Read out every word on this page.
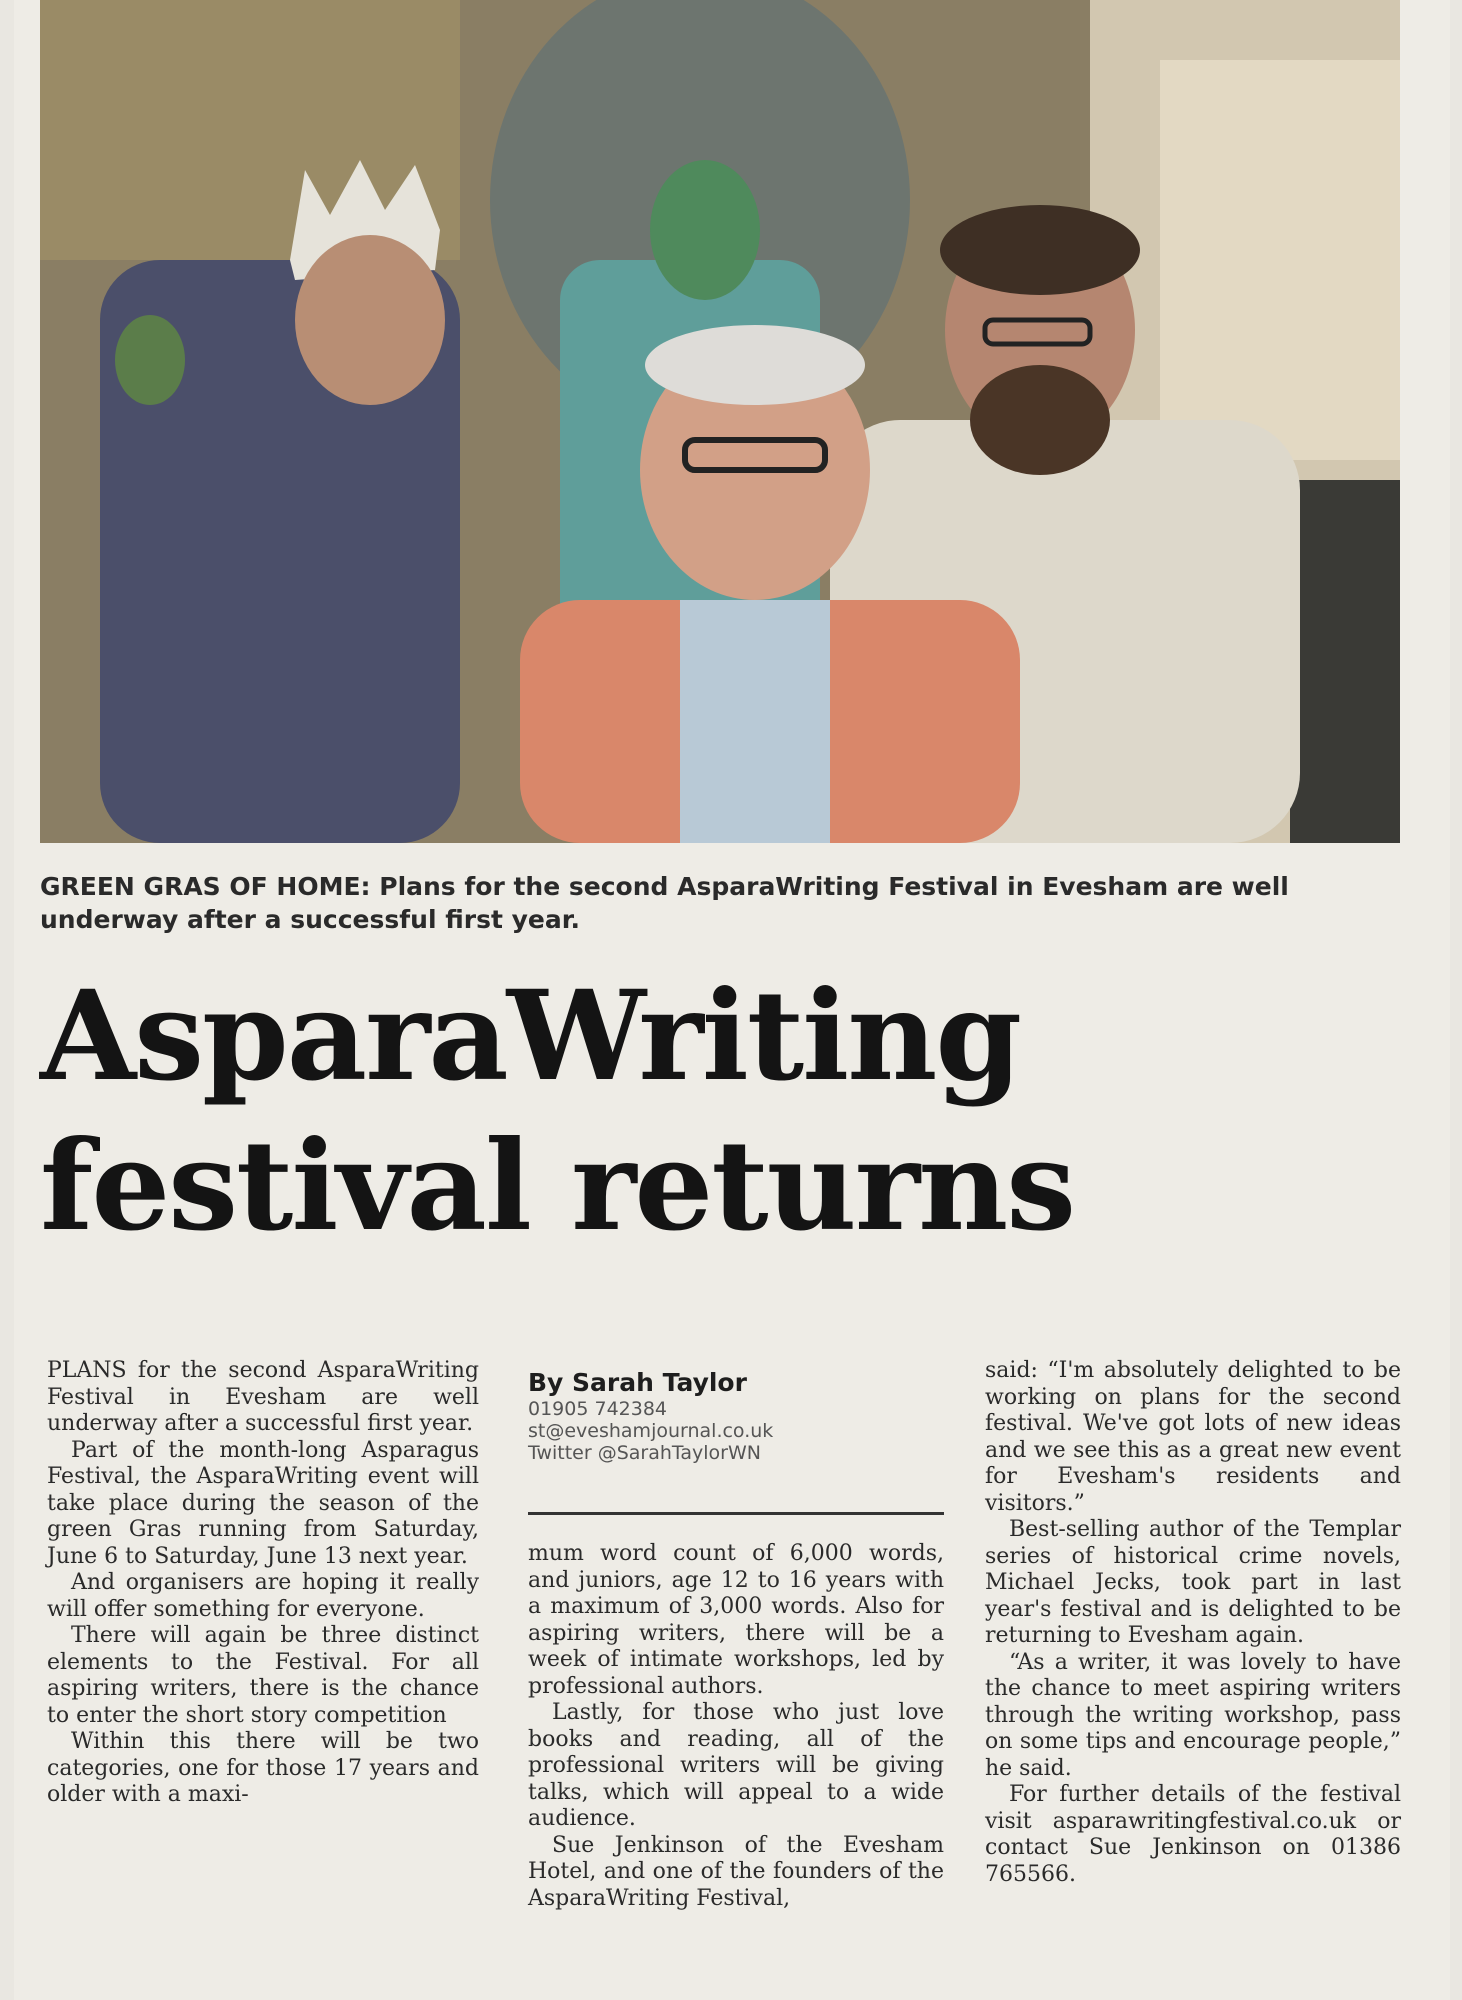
GREEN GRAS OF HOME: Plans for the second AsparaWriting Festival in Evesham are well underway after a successful first year.
AsparaWriting
festival returns

PLANS for the second AsparaWriting Festival in Evesham are well underway after a successful first year.

Part of the month-long Asparagus Festival, the AsparaWriting event will take place during the season of the green Gras running from Saturday, June 6 to Saturday, June 13 next year.

And organisers are hoping it really will offer something for everyone.

There will again be three distinct elements to the Festival. For all aspiring writers, there is the chance to enter the short story competition

Within this there will be two categories, one for those 17 years and older with a maxi-

By Sarah Taylor
01905 742384
st@eveshamjournal.co.uk
Twitter @SarahTaylorWN

mum word count of 6,000 words, and juniors, age 12 to 16 years with a maximum of 3,000 words. Also for aspiring writers, there will be a week of intimate workshops, led by professional authors.

Lastly, for those who just love books and reading, all of the professional writers will be giving talks, which will appeal to a wide audience.

Sue Jenkinson of the Evesham Hotel, and one of the founders of the AsparaWriting Festival,

said: “I'm absolutely delighted to be working on plans for the second festival. We've got lots of new ideas and we see this as a great new event for Evesham's residents and visitors.”

Best-selling author of the Templar series of historical crime novels, Michael Jecks, took part in last year's festival and is delighted to be returning to Evesham again.

“As a writer, it was lovely to have the chance to meet aspiring writers through the writing workshop, pass on some tips and encourage people,” he said.

For further details of the festival visit asparawritingfestival.co.uk or contact Sue Jenkinson on 01386 765566.
